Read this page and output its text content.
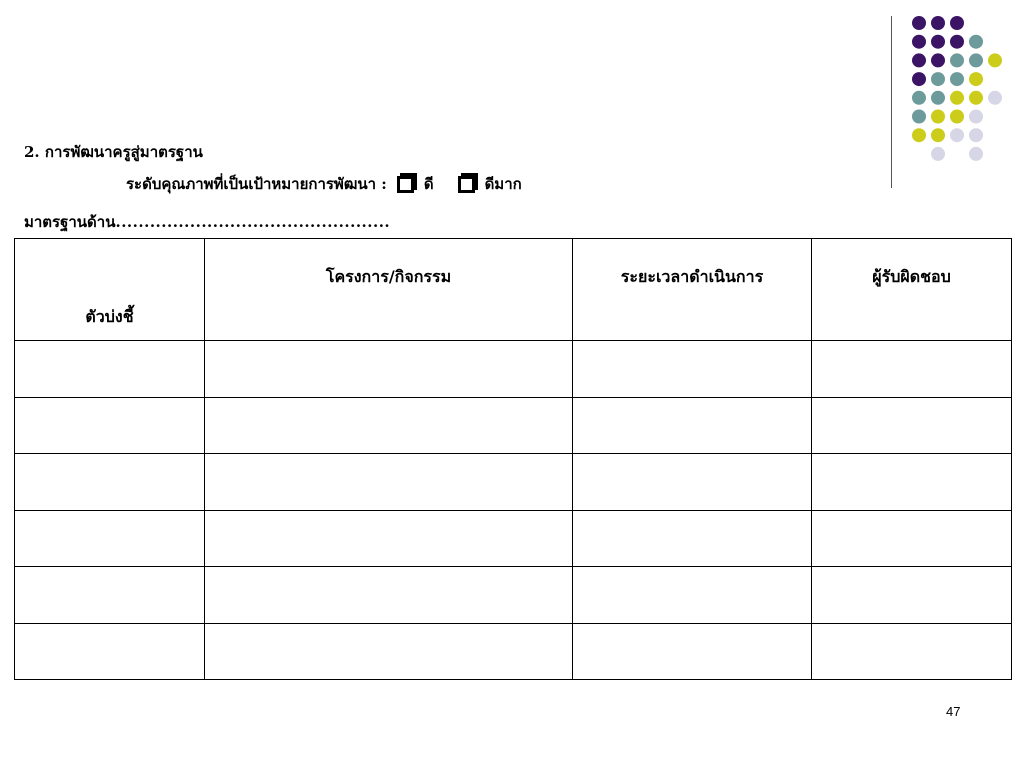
2. การพัฒนาครูสู่มาตรฐาน
ระดับคุณภาพที่เป็นเป้าหมายการพัฒนา : ดี	ดีมาก
มาตรฐานด้าน................................................
ตัวบ่งชี้	โครงการ/กิจกรรม	ระยะเวลาดำเนินการ	ผู้รับผิดชอบ

47
